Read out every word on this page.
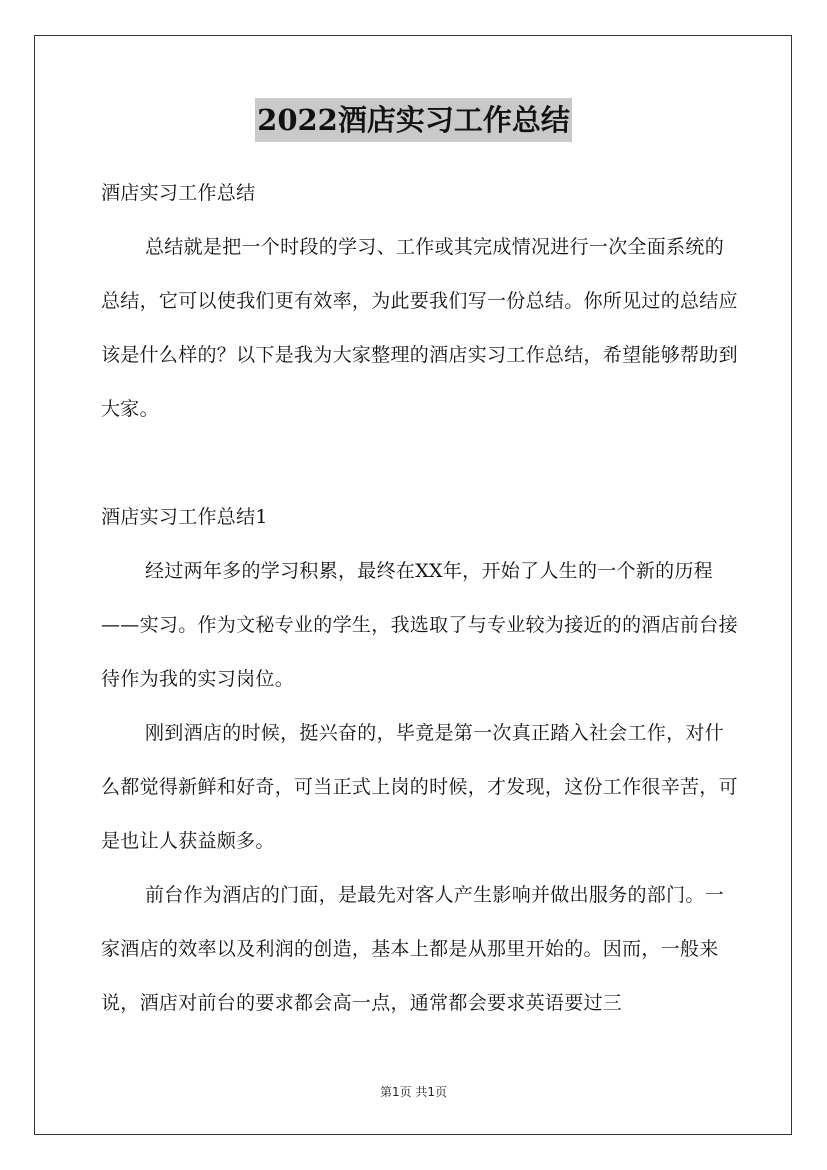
2022酒店实习工作总结

酒店实习工作总结

总结就是把一个时段的学习、工作或其完成情况进行一次全面系统的总结，它可以使我们更有效率，为此要我们写一份总结。你所见过的总结应该是什么样的？以下是我为大家整理的酒店实习工作总结，希望能够帮助到大家。

酒店实习工作总结1

经过两年多的学习积累，最终在XX年，开始了人生的一个新的历程——实习。作为文秘专业的学生，我选取了与专业较为接近的的酒店前台接待作为我的实习岗位。

刚到酒店的时候，挺兴奋的，毕竟是第一次真正踏入社会工作，对什么都觉得新鲜和好奇，可当正式上岗的时候，才发现，这份工作很辛苦，可是也让人获益颇多。

前台作为酒店的门面，是最先对客人产生影响并做出服务的部门。一家酒店的效率以及利润的创造，基本上都是从那里开始的。因而，一般来说，酒店对前台的要求都会高一点，通常都会要求英语要过三

第1页 共1页
